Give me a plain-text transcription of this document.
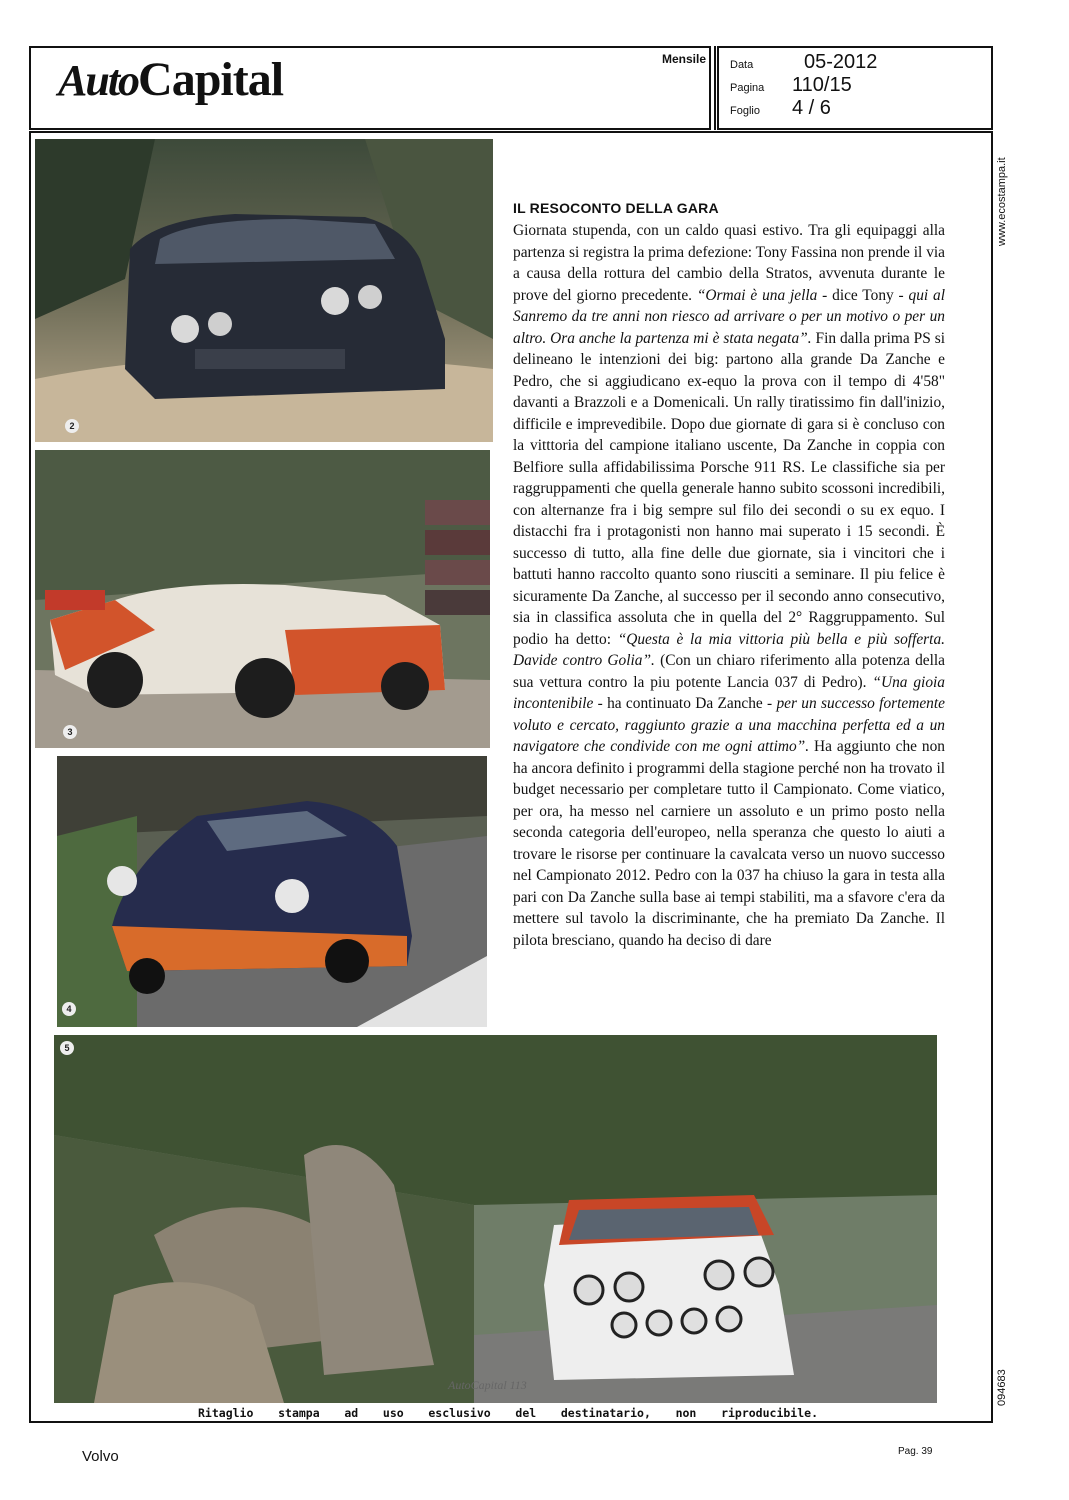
AutoCapital	Mensile Data	05-2012
Pagina 110/15
Foglio 4 / 6
www.ecostampa.it
094683
2
3
4
5
AutoCapital 113
IL RESOCONTO DELLA GARA

Giornata stupenda, con un caldo quasi estivo. Tra gli equipaggi alla partenza si registra la prima defezione: Tony Fassina non prende il via a causa della rottura del cambio della Stratos, avvenuta durante le prove del giorno precedente. “Ormai è una jella - dice Tony - qui al Sanremo da tre anni non riesco ad arrivare o per un motivo o per un altro. Ora anche la partenza mi è stata negata”. Fin dalla prima PS si delineano le intenzioni dei big: partono alla grande Da Zanche e Pedro, che si aggiudicano ex-equo la prova con il tempo di 4'58" davanti a Brazzoli e a Domenicali. Un rally tiratissimo fin dall'inizio, difficile e imprevedibile. Dopo due giornate di gara si è concluso con la vitttoria del campione italiano uscente, Da Zanche in coppia con Belfiore sulla affidabilissima Porsche 911 RS. Le classifiche sia per raggruppamenti che quella generale hanno subito scossoni incredibili, con alternanze fra i big sempre sul filo dei secondi o su ex equo. I distacchi fra i protagonisti non hanno mai superato i 15 secondi. È successo di tutto, alla fine delle due giornate, sia i vincitori che i battuti hanno raccolto quanto sono riusciti a seminare. Il piu felice è sicuramente Da Zanche, al successo per il secondo anno consecutivo, sia in classifica assoluta che in quella del 2° Raggruppamento. Sul podio ha detto: “Questa è la mia vittoria più bella e più sofferta. Davide contro Golia”. (Con un chiaro riferimento alla potenza della sua vettura contro la piu potente Lancia 037 di Pedro). “Una gioia incontenibile - ha continuato Da Zanche - per un successo fortemente voluto e cercato, raggiunto grazie a una macchina perfetta ed a un navigatore che condivide con me ogni attimo”. Ha aggiunto che non ha ancora definito i programmi della stagione perché non ha trovato il budget necessario per completare tutto il Campionato. Come viatico, per ora, ha messo nel carniere un assoluto e un primo posto nella seconda categoria dell'europeo, nella speranza che questo lo aiuti a trovare le risorse per continuare la cavalcata verso un nuovo successo nel Campionato 2012. Pedro con la 037 ha chiuso la gara in testa alla pari con Da Zanche sulla base ai tempi stabiliti, ma a sfavore c'era da mettere sul tavolo la discriminante, che ha premiato Da Zanche. Il pilota bresciano, quando ha deciso di dare

Ritaglio stampa ad uso esclusivo del destinatario, non riproducibile.
Volvo	Pag. 39
